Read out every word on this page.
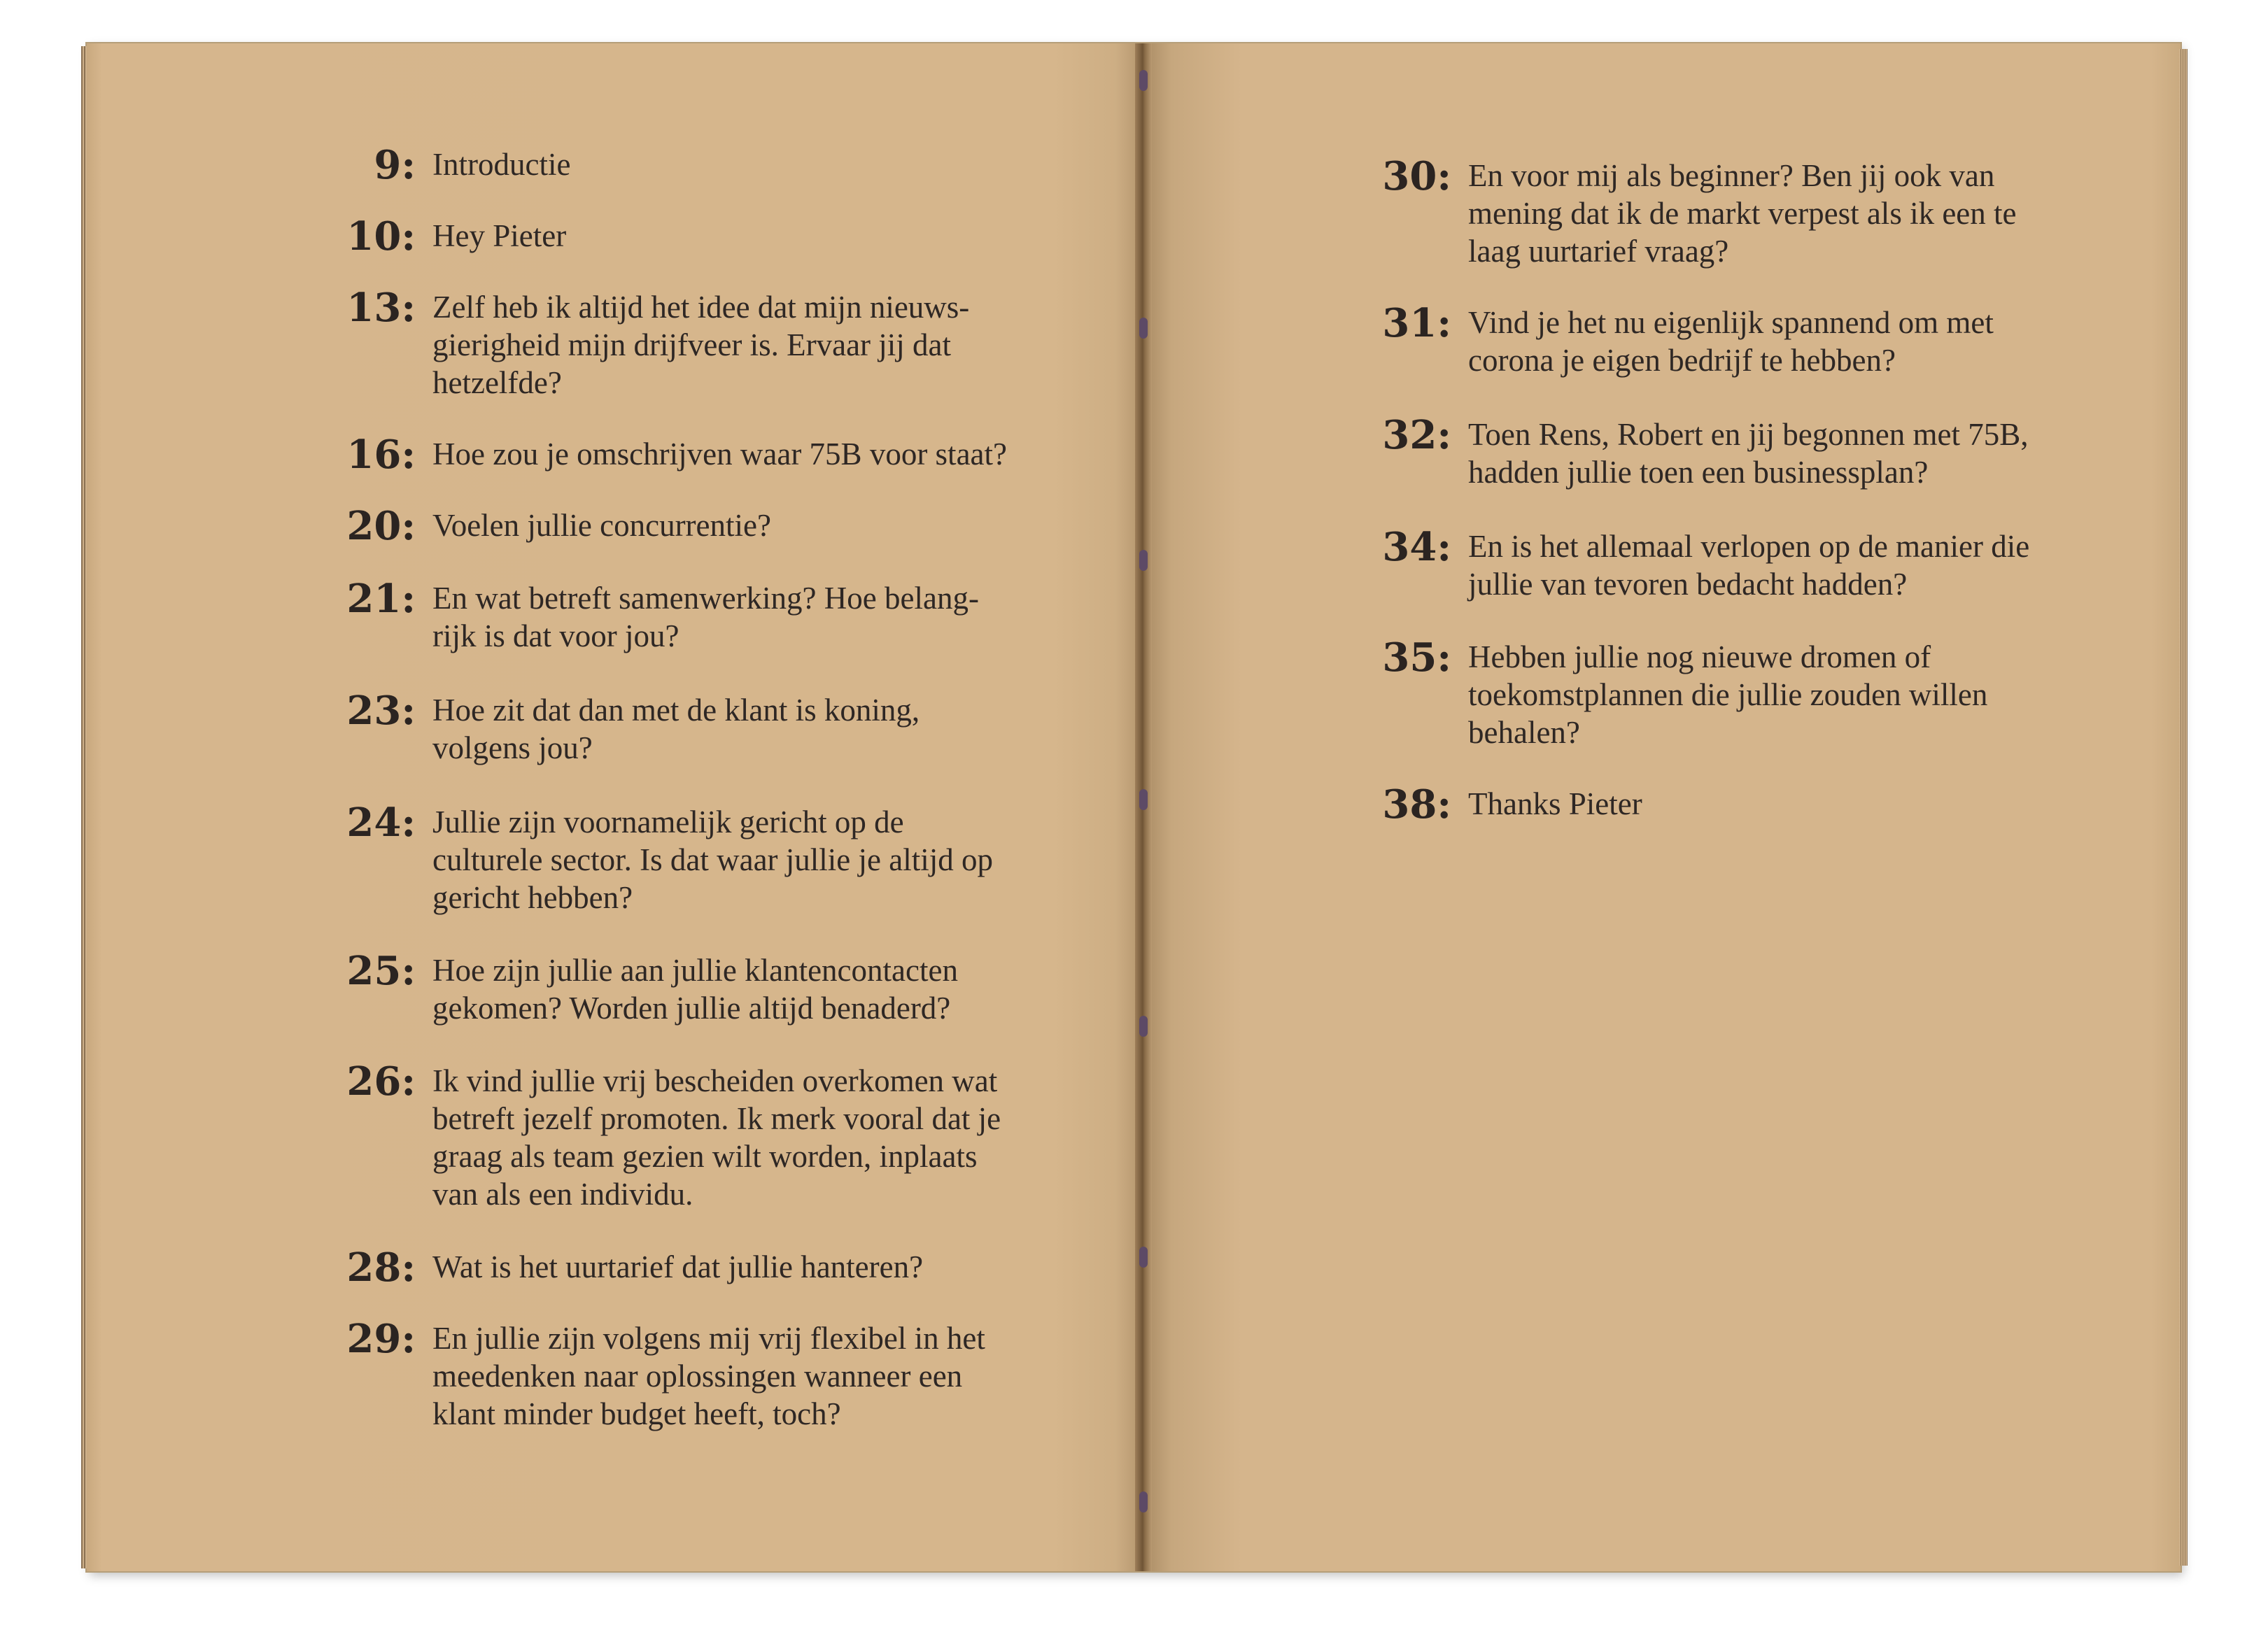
9: Introductie
10: Hey Pieter
13: Zelf heb ik altijd het idee dat mijn nieuws-
gierigheid mijn drijfveer is. Ervaar jij dat
hetzelfde?
16: Hoe zou je omschrijven waar 75B voor staat?
20: Voelen jullie concurrentie?
21: En wat betreft samenwerking? Hoe belang-
rijk is dat voor jou?
23: Hoe zit dat dan met de klant is koning,
volgens jou?
24: Jullie zijn voornamelijk gericht op de
culturele sector. Is dat waar jullie je altijd op
gericht hebben?
25: Hoe zijn jullie aan jullie klantencontacten
gekomen? Worden jullie altijd benaderd?
26: Ik vind jullie vrij bescheiden overkomen wat
betreft jezelf promoten. Ik merk vooral dat je
graag als team gezien wilt worden, inplaats
van als een individu.
28: Wat is het uurtarief dat jullie hanteren?
29: En jullie zijn volgens mij vrij flexibel in het
meedenken naar oplossingen wanneer een
klant minder budget heeft, toch?
30: En voor mij als beginner? Ben jij ook van
mening dat ik de markt verpest als ik een te
laag uurtarief vraag?
31: Vind je het nu eigenlijk spannend om met
corona je eigen bedrijf te hebben?
32: Toen Rens, Robert en jij begonnen met 75B,
hadden jullie toen een businessplan?
34: En is het allemaal verlopen op de manier die
jullie van tevoren bedacht hadden?
35: Hebben jullie nog nieuwe dromen of
toekomstplannen die jullie zouden willen
behalen?
38: Thanks Pieter
